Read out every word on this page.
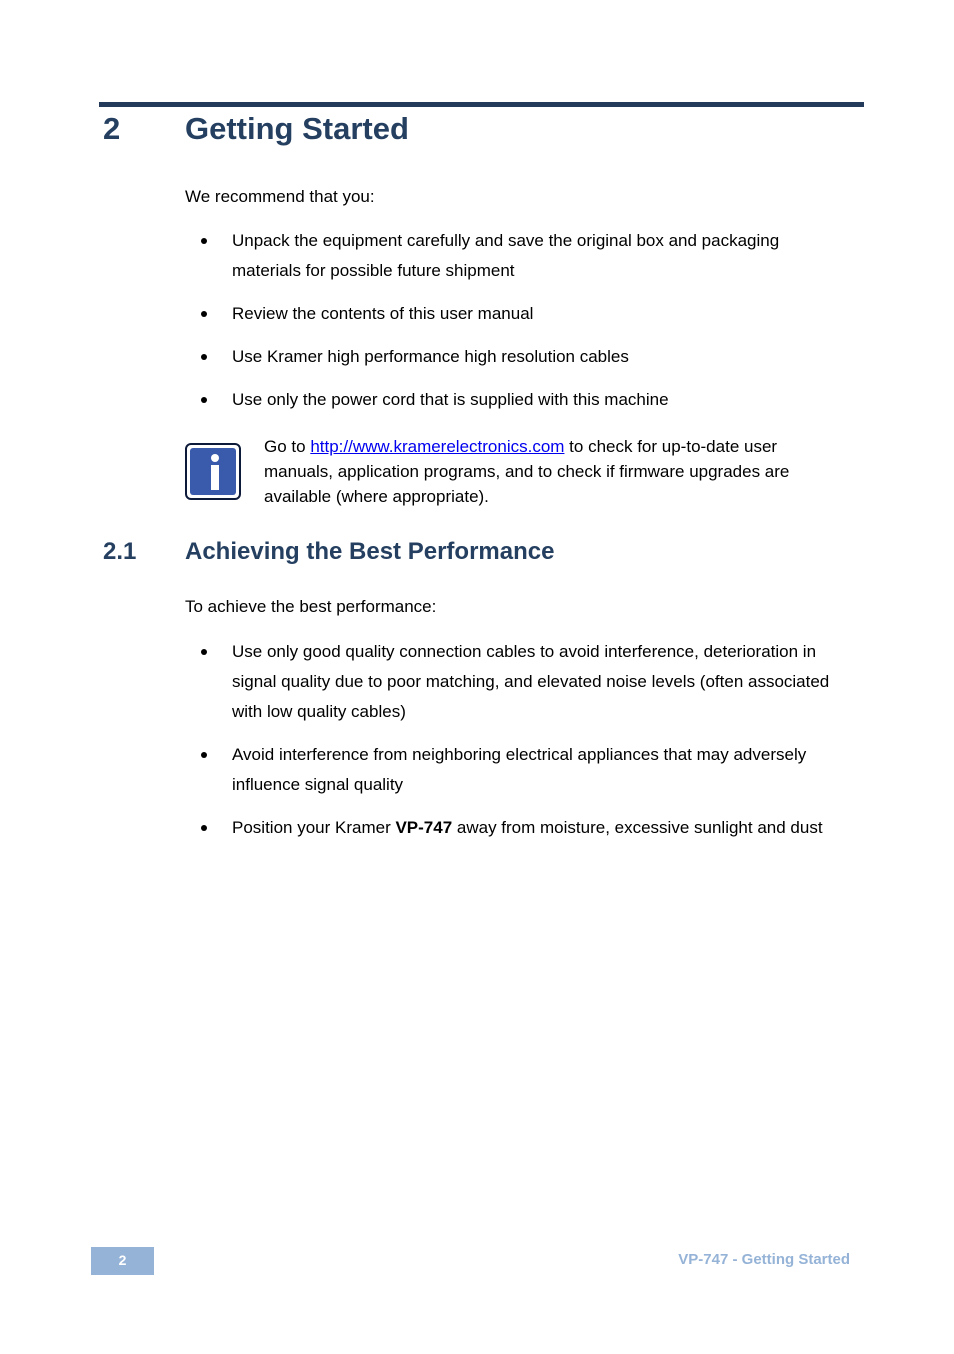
2 Getting Started
We recommend that you:
Unpack the equipment carefully and save the original box and packaging materials for possible future shipment
Review the contents of this user manual
Use Kramer high performance high resolution cables
Use only the power cord that is supplied with this machine
Go to http://www.kramerelectronics.com to check for up-to-date user manuals, application programs, and to check if firmware upgrades are available (where appropriate).
2.1 Achieving the Best Performance
To achieve the best performance:
Use only good quality connection cables to avoid interference, deterioration in signal quality due to poor matching, and elevated noise levels (often associated with low quality cables)
Avoid interference from neighboring electrical appliances that may adversely influence signal quality
Position your Kramer VP-747 away from moisture, excessive sunlight and dust
2	VP-747 - Getting Started
